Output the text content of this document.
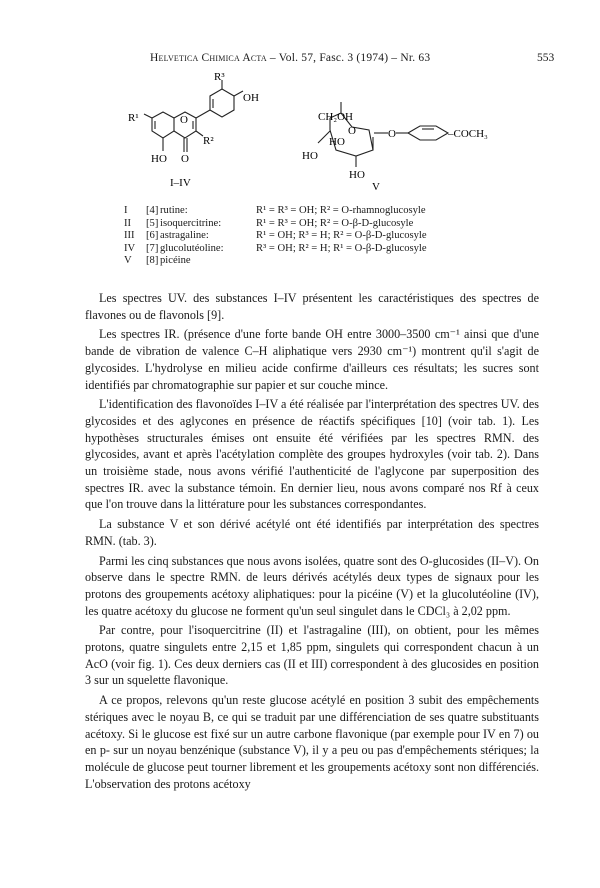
Helvetica Chimica Acta – Vol. 57, Fasc. 3 (1974) – Nr. 63	553
R³
OH
R¹	O
R²
HO O
I–IV
CH₂OH
O
HO
HO
HO
O	–COCH₃
V
I	[4]	rutine:	R¹ = R³ = OH; R² = O-rhamnoglucosyle
II	[5]	isoquercitrine:	R¹ = R³ = OH; R² = O-β-D-glucosyle
III	[6]	astragaline:	R¹ = OH; R³ = H; R² = O-β-D-glucosyle
IV	[7]	glucolutéoline:	R³ = OH; R² = H; R¹ = O-β-D-glucosyle
V	[8]	picéine	

Les spectres UV. des substances I–IV présentent les caractéristiques des spectres de flavones ou de flavonols [9].

Les spectres IR. (présence d'une forte bande OH entre 3000–3500 cm⁻¹ ainsi que d'une bande de vibration de valence C–H aliphatique vers 2930 cm⁻¹) montrent qu'il s'agit de glycosides. L'hydrolyse en milieu acide confirme d'ailleurs ces résultats; les sucres sont identifiés par chromatographie sur papier et sur couche mince.

L'identification des flavonoïdes I–IV a été réalisée par l'interprétation des spectres UV. des glycosides et des aglycones en présence de réactifs spécifiques [10] (voir tab. 1). Les hypothèses structurales émises ont ensuite été vérifiées par les spectres RMN. des glycosides, avant et après l'acétylation complète des groupes hydroxyles (voir tab. 2). Dans un troisième stade, nous avons vérifié l'authenticité de l'aglycone par superposition des spectres IR. avec la substance témoin. En dernier lieu, nous avons comparé nos Rf à ceux que l'on trouve dans la littérature pour les substances correspondantes.

La substance V et son dérivé acétylé ont été identifiés par interprétation des spectres RMN. (tab. 3).

Parmi les cinq substances que nous avons isolées, quatre sont des O-glucosides (II–V). On observe dans le spectre RMN. de leurs dérivés acétylés deux types de signaux pour les protons des groupements acétoxy aliphatiques: pour la picéine (V) et la glucolutéoline (IV), les quatre acétoxy du glucose ne forment qu'un seul singulet dans le CDCl₃ à 2,02 ppm.

Par contre, pour l'isoquercitrine (II) et l'astragaline (III), on obtient, pour les mêmes protons, quatre singulets entre 2,15 et 1,85 ppm, singulets qui correspondent chacun à un AcO (voir fig. 1). Ces deux derniers cas (II et III) correspondent à des glucosides en position 3 sur un squelette flavonique.

A ce propos, relevons qu'un reste glucose acétylé en position 3 subit des empêchements stériques avec le noyau B, ce qui se traduit par une différenciation de ses quatre substituants acétoxy. Si le glucose est fixé sur un autre carbone flavonique (par exemple pour IV en 7) ou en p- sur un noyau benzénique (substance V), il y a peu ou pas d'empêchements stériques; la molécule de glucose peut tourner librement et les groupements acétoxy sont non différenciés. L'observation des protons acétoxy
